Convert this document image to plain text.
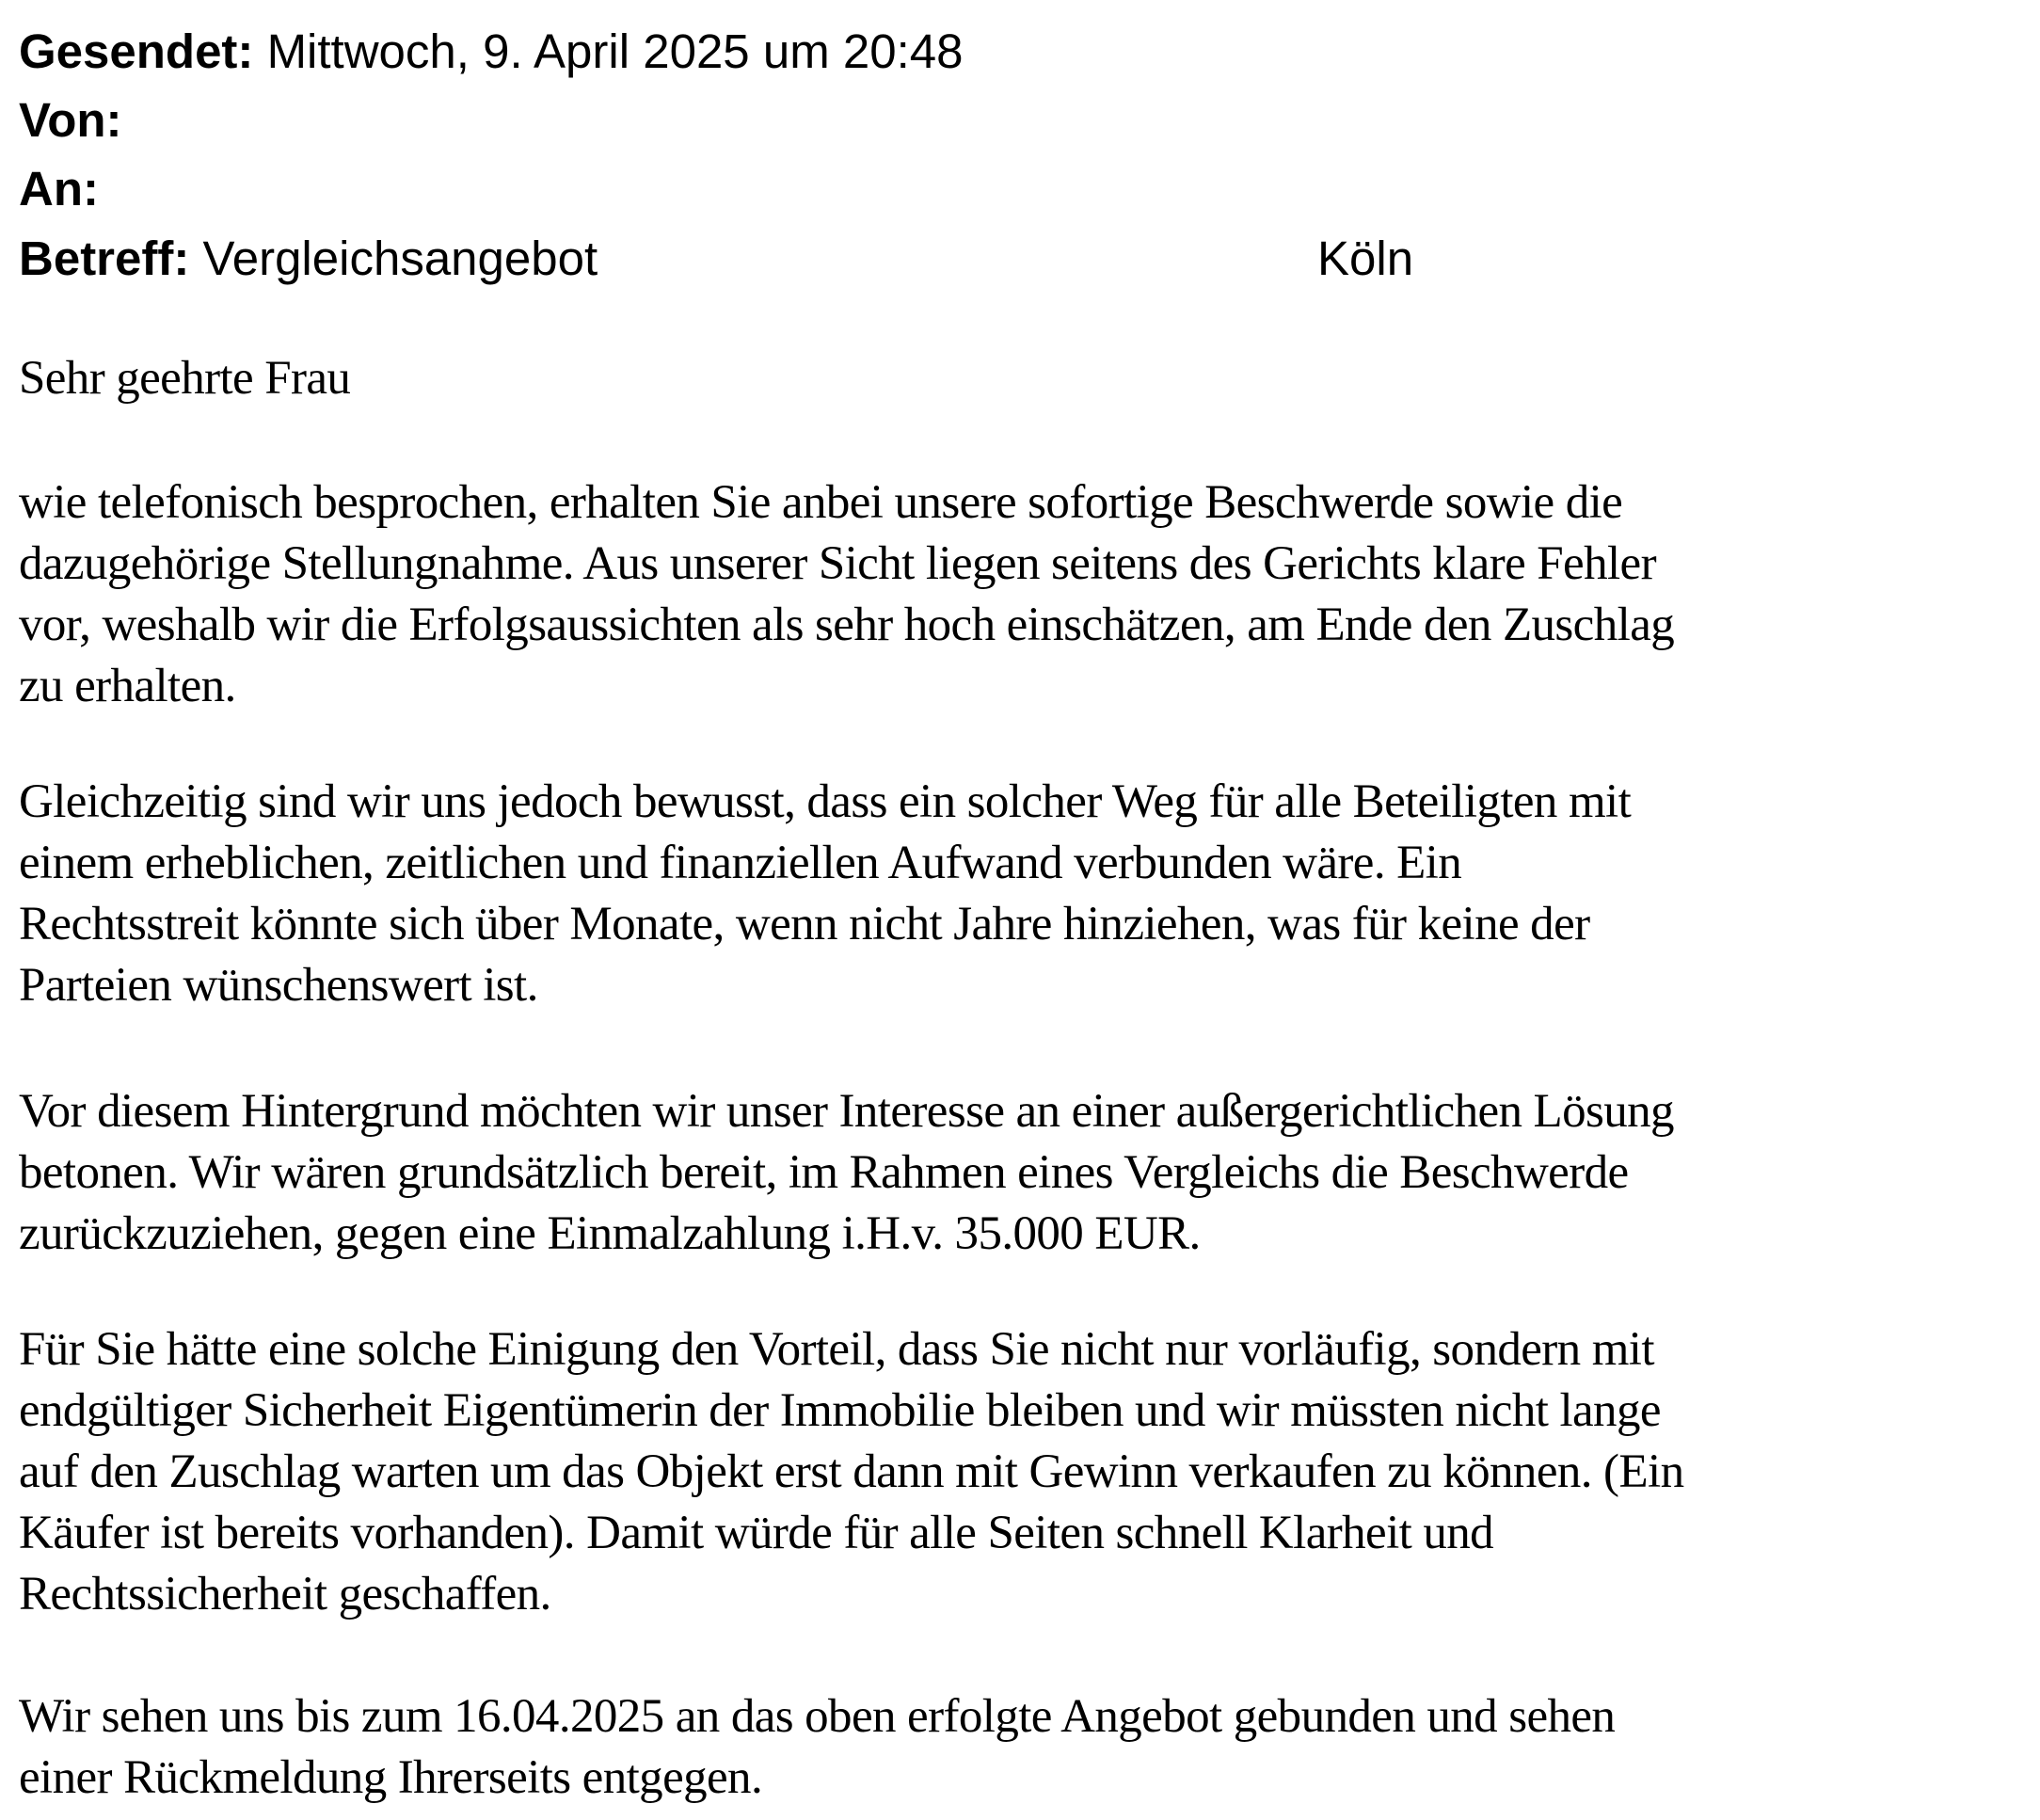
Gesendet: Mittwoch, 9. April 2025 um 20:48
Von:
An:
Betreff: Vergleichsangebot	Köln
Sehr geehrte Frau
wie telefonisch besprochen, erhalten Sie anbei unsere sofortige Beschwerde sowie die
dazugehörige Stellungnahme. Aus unserer Sicht liegen seitens des Gerichts klare Fehler
vor, weshalb wir die Erfolgsaussichten als sehr hoch einschätzen, am Ende den Zuschlag
zu erhalten.
Gleichzeitig sind wir uns jedoch bewusst, dass ein solcher Weg für alle Beteiligten mit
einem erheblichen, zeitlichen und finanziellen Aufwand verbunden wäre. Ein
Rechtsstreit könnte sich über Monate, wenn nicht Jahre hinziehen, was für keine der
Parteien wünschenswert ist.
Vor diesem Hintergrund möchten wir unser Interesse an einer außergerichtlichen Lösung
betonen. Wir wären grundsätzlich bereit, im Rahmen eines Vergleichs die Beschwerde
zurückzuziehen, gegen eine Einmalzahlung i.H.v. 35.000 EUR.
Für Sie hätte eine solche Einigung den Vorteil, dass Sie nicht nur vorläufig, sondern mit
endgültiger Sicherheit Eigentümerin der Immobilie bleiben und wir müssten nicht lange
auf den Zuschlag warten um das Objekt erst dann mit Gewinn verkaufen zu können. (Ein
Käufer ist bereits vorhanden). Damit würde für alle Seiten schnell Klarheit und
Rechtssicherheit geschaffen.
Wir sehen uns bis zum 16.04.2025 an das oben erfolgte Angebot gebunden und sehen
einer Rückmeldung Ihrerseits entgegen.
